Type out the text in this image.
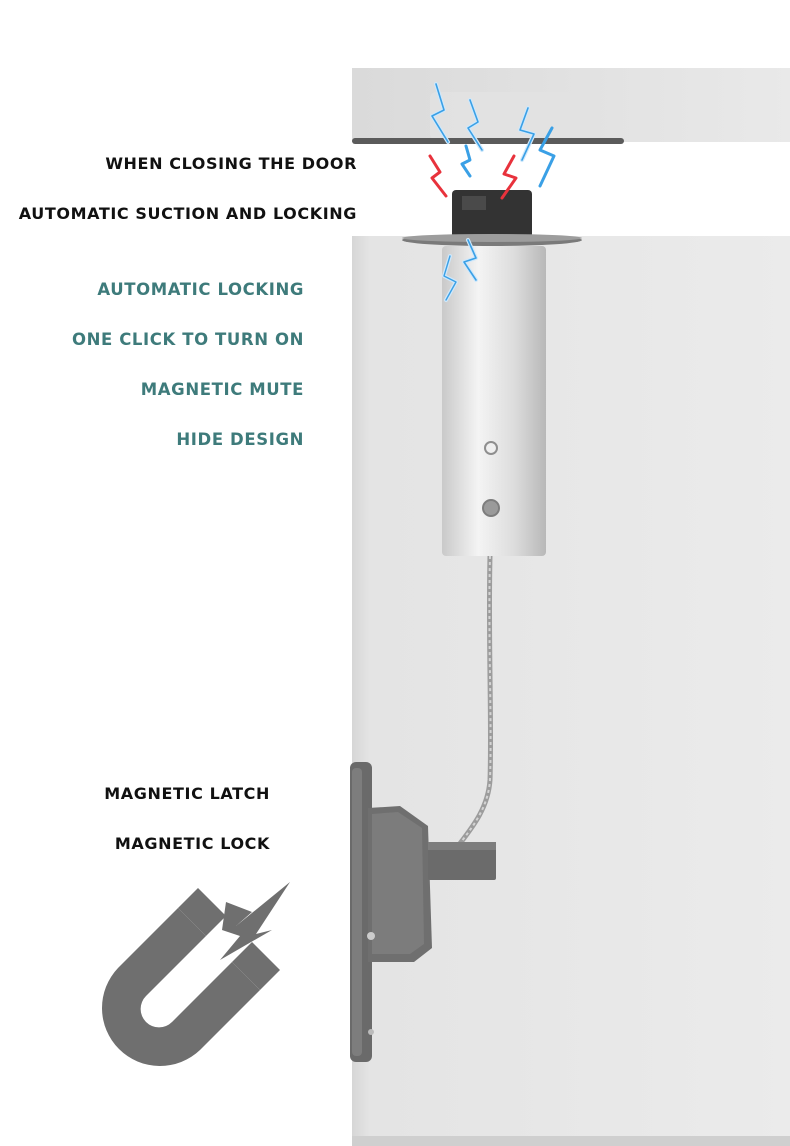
WHEN CLOSING THE DOOR

AUTOMATIC SUCTION AND LOCKING

AUTOMATIC LOCKING

ONE CLICK TO TURN ON

MAGNETIC MUTE

HIDE DESIGN

MAGNETIC LATCH

MAGNETIC LOCK
